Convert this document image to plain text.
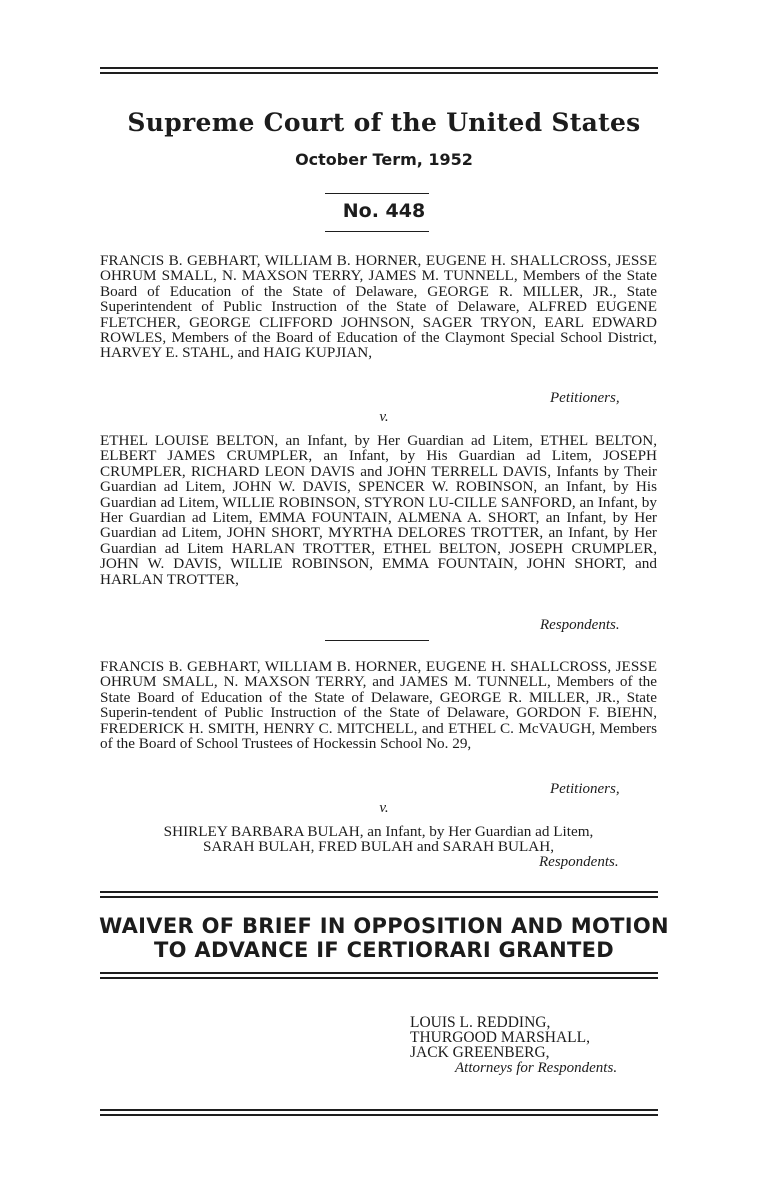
Supreme Court of the United States
October Term, 1952
No. 448
FRANCIS B. GEBHART, WILLIAM B. HORNER, EUGENE H. SHALLCROSS, JESSE OHRUM SMALL, N. MAXSON TERRY, JAMES M. TUNNELL, Members of the State Board of Education of the State of Delaware, GEORGE R. MILLER, JR., State Superintendent of Public Instruction of the State of Delaware, ALFRED EUGENE FLETCHER, GEORGE CLIFFORD JOHNSON, SAGER TRYON, EARL EDWARD ROWLES, Members of the Board of Education of the Claymont Special School District, HARVEY E. STAHL, and HAIG KUPJIAN,
Petitioners,
v.
ETHEL LOUISE BELTON, an Infant, by Her Guardian ad Litem, ETHEL BELTON, ELBERT JAMES CRUMPLER, an Infant, by His Guardian ad Litem, JOSEPH CRUMPLER, RICHARD LEON DAVIS and JOHN TERRELL DAVIS, Infants by Their Guardian ad Litem, JOHN W. DAVIS, SPENCER W. ROBINSON, an Infant, by His Guardian ad Litem, WILLIE ROBINSON, STYRON LU-CILLE SANFORD, an Infant, by Her Guardian ad Litem, EMMA FOUNTAIN, ALMENA A. SHORT, an Infant, by Her Guardian ad Litem, JOHN SHORT, MYRTHA DELORES TROTTER, an Infant, by Her Guardian ad Litem HARLAN TROTTER, ETHEL BELTON, JOSEPH CRUMPLER, JOHN W. DAVIS, WILLIE ROBINSON, EMMA FOUNTAIN, JOHN SHORT, and HARLAN TROTTER,
Respondents.
FRANCIS B. GEBHART, WILLIAM B. HORNER, EUGENE H. SHALLCROSS, JESSE OHRUM SMALL, N. MAXSON TERRY, and JAMES M. TUNNELL, Members of the State Board of Education of the State of Delaware, GEORGE R. MILLER, JR., State Superin-tendent of Public Instruction of the State of Delaware, GORDON F. BIEHN, FREDERICK H. SMITH, HENRY C. MITCHELL, and ETHEL C. McVAUGH, Members of the Board of School Trustees of Hockessin School No. 29,
Petitioners,
v.
SHIRLEY BARBARA BULAH, an Infant, by Her Guardian ad Litem,
SARAH BULAH, FRED BULAH and SARAH BULAH,
Respondents.
WAIVER OF BRIEF IN OPPOSITION AND MOTION
TO ADVANCE IF CERTIORARI GRANTED
LOUIS L. REDDING,
THURGOOD MARSHALL,
JACK GREENBERG,
Attorneys for Respondents.
